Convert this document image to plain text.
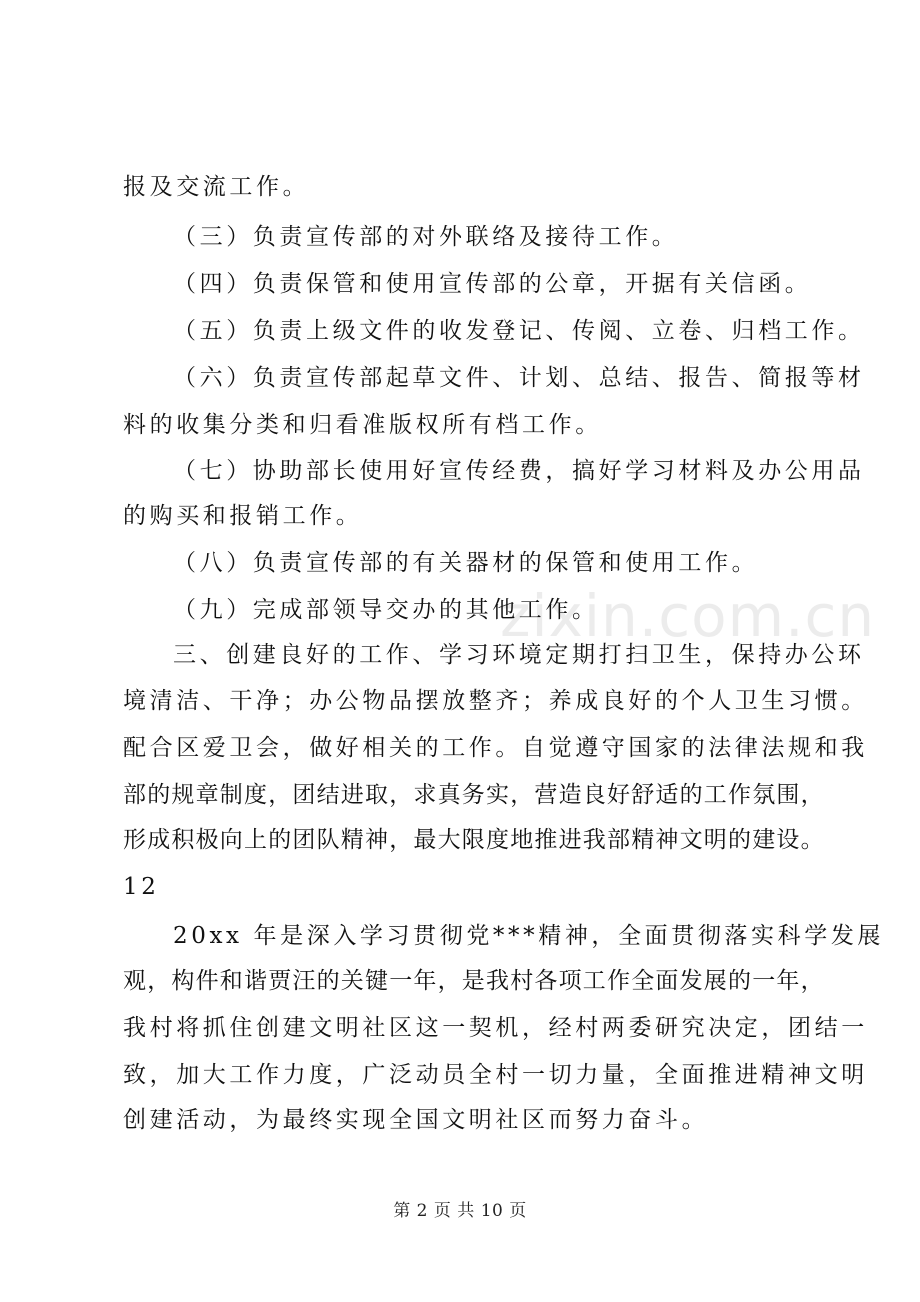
zixin.com.cn
报及交流工作。
（三）负责宣传部的对外联络及接待工作。
（四）负责保管和使用宣传部的公章，开据有关信函。
（五）负责上级文件的收发登记、传阅、立卷、归档工作。
（六）负责宣传部起草文件、计划、总结、报告、简报等材
料的收集分类和归看准版权所有档工作。
（七）协助部长使用好宣传经费，搞好学习材料及办公用品
的购买和报销工作。
（八）负责宣传部的有关器材的保管和使用工作。
（九）完成部领导交办的其他工作。
三、创建良好的工作、学习环境定期打扫卫生，保持办公环
境清洁、干净；办公物品摆放整齐；养成良好的个人卫生习惯。
配合区爱卫会，做好相关的工作。自觉遵守国家的法律法规和我
部的规章制度，团结进取，求真务实，营造良好舒适的工作氛围，
形成积极向上的团队精神，最大限度地推进我部精神文明的建设。
12
20xx 年是深入学习贯彻党***精神，全面贯彻落实科学发展
观，构件和谐贾汪的关键一年，是我村各项工作全面发展的一年，
我村将抓住创建文明社区这一契机，经村两委研究决定，团结一
致，加大工作力度，广泛动员全村一切力量，全面推进精神文明
创建活动，为最终实现全国文明社区而努力奋斗。
第 2 页 共 10 页
